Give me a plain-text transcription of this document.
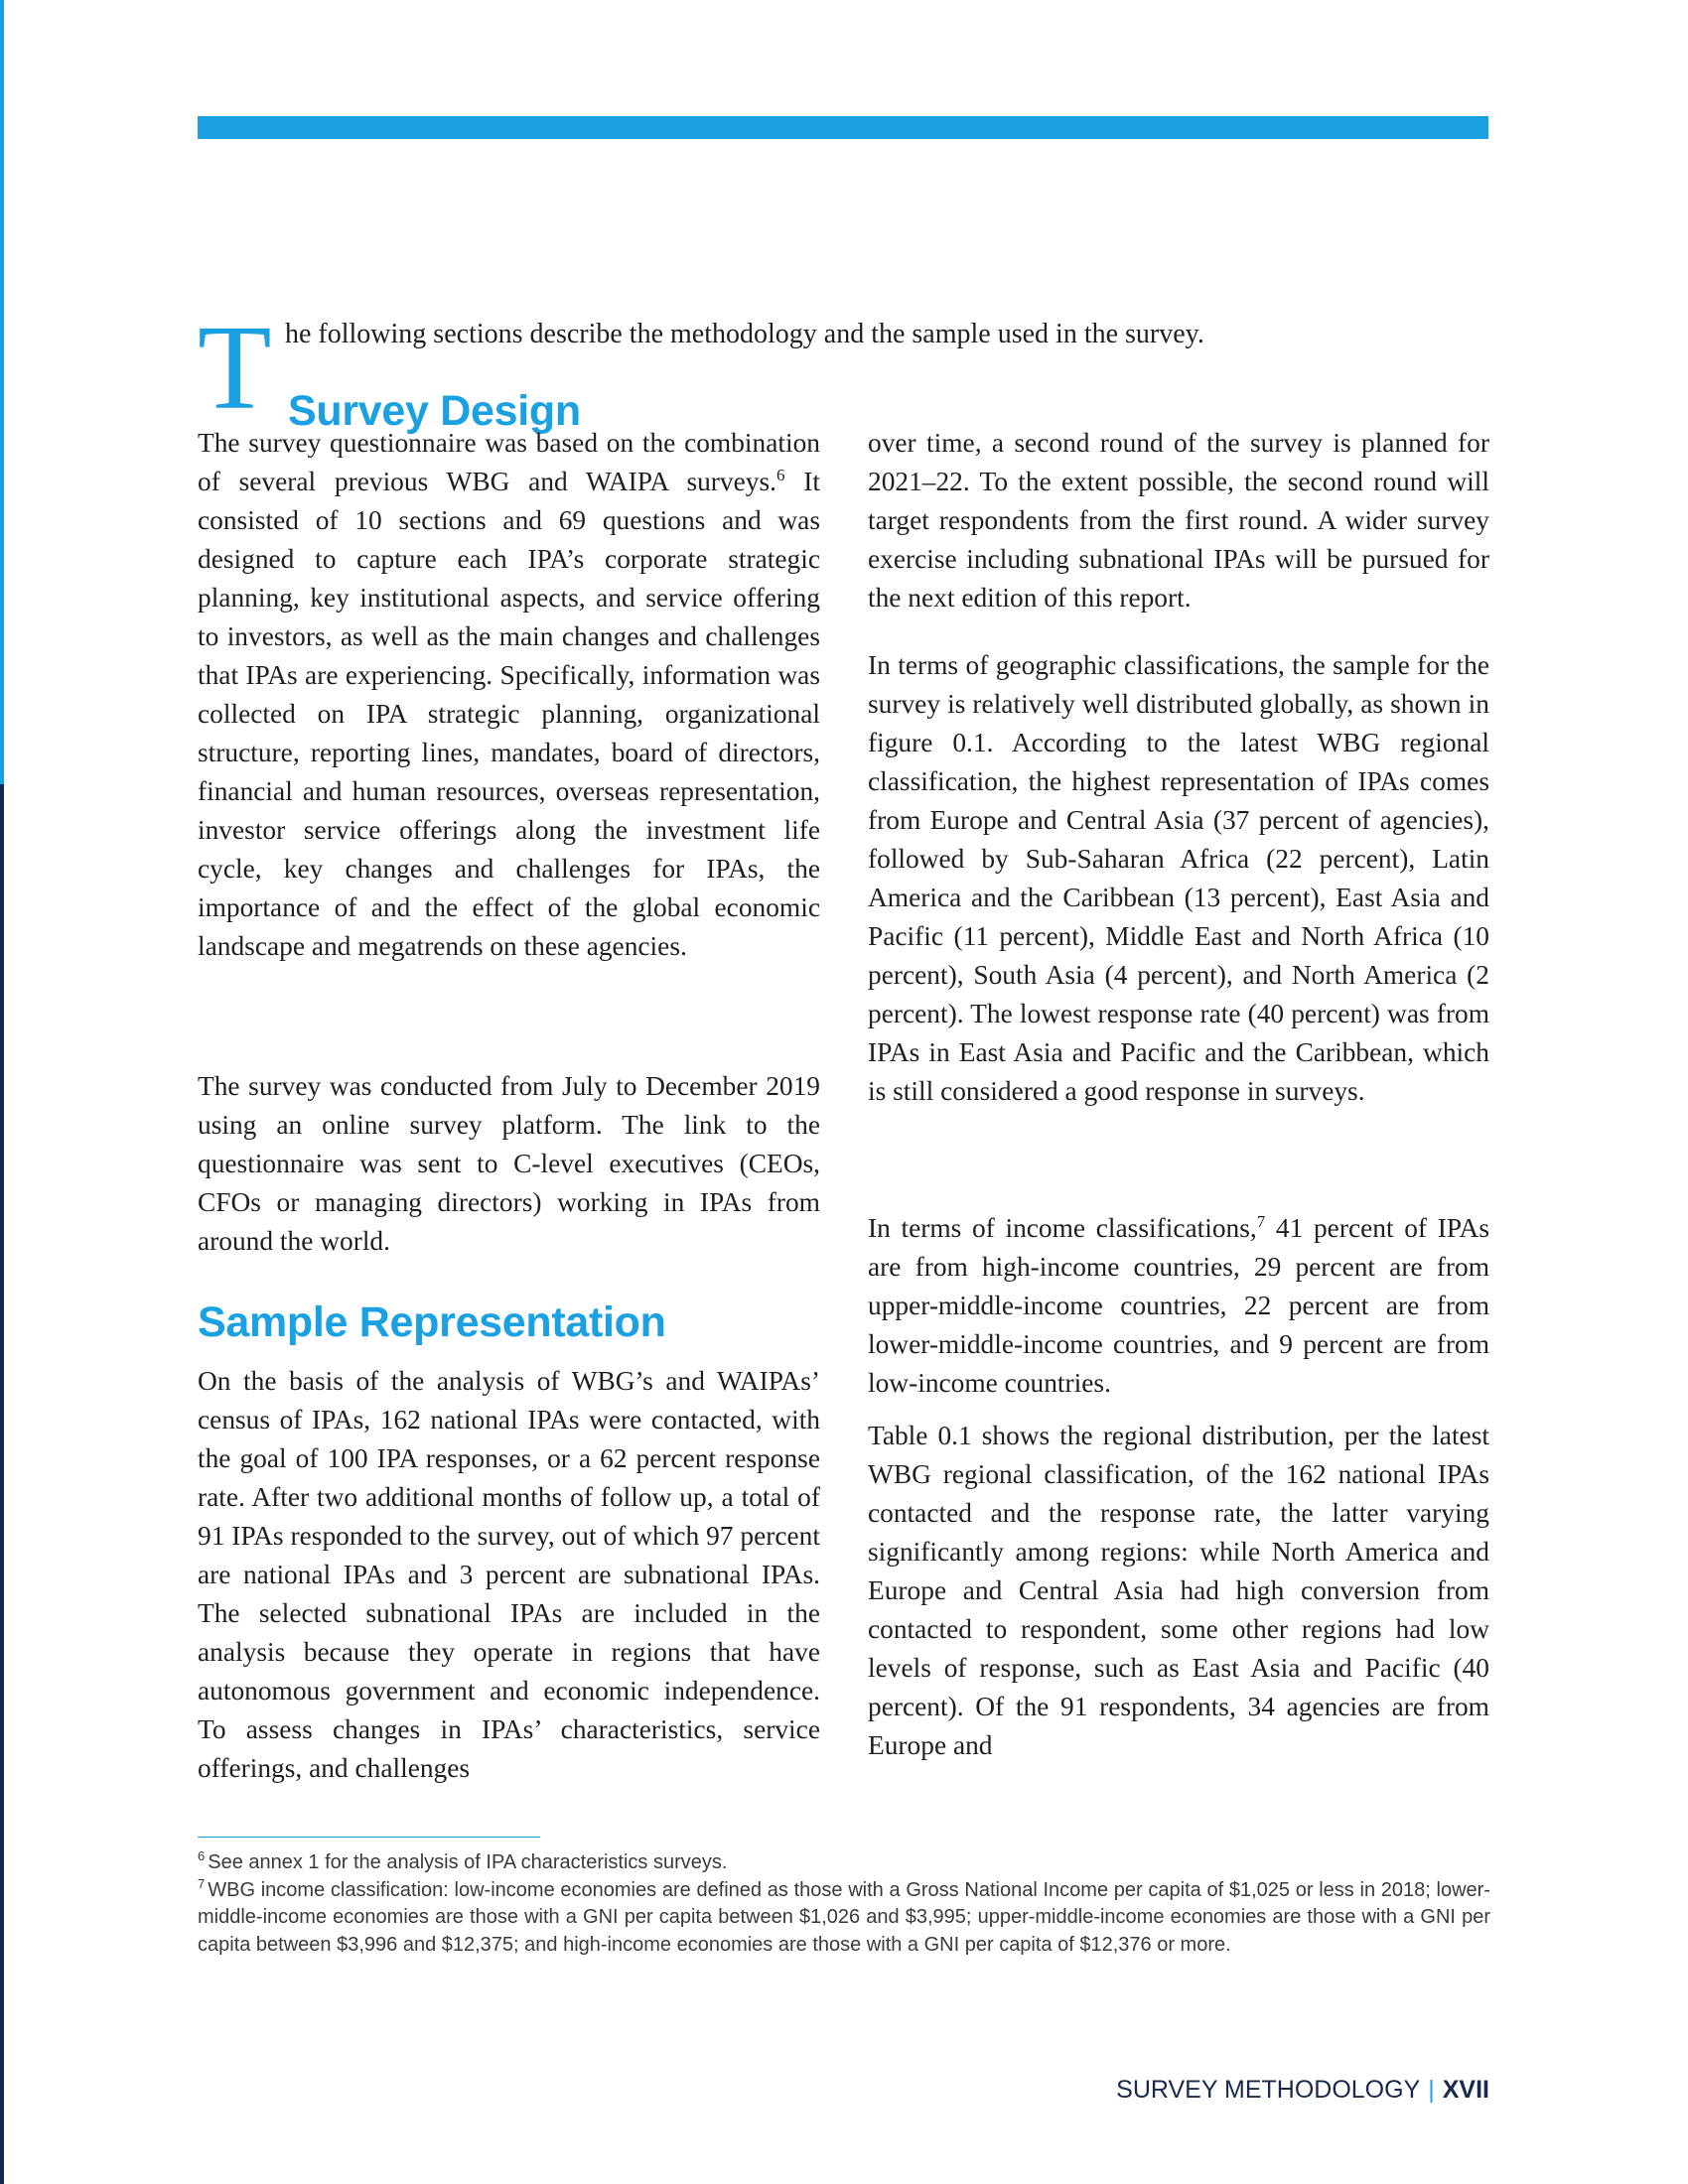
T he following sections describe the methodology and the sample used in the survey.
Survey Design

The survey questionnaire was based on the combination of several previous WBG and WAIPA surveys.$^6$ It consisted of 10 sections and 69 questions and was designed to capture each IPA’s corporate strategic planning, key institutional aspects, and service offering to investors, as well as the main changes and challenges that IPAs are experiencing. Specifically, information was collected on IPA strategic planning, organizational structure, reporting lines, mandates, board of directors, financial and human resources, overseas representation, investor service offerings along the investment life cycle, key changes and challenges for IPAs, the importance of and the effect of the global economic landscape and megatrends on these agencies.

The survey was conducted from July to December 2019 using an online survey platform. The link to the questionnaire was sent to C-level executives (CEOs, CFOs or managing directors) working in IPAs from around the world.

Sample Representation

On the basis of the analysis of WBG’s and WAIPAs’ census of IPAs, 162 national IPAs were contacted, with the goal of 100 IPA responses, or a 62 percent response rate. After two additional months of follow up, a total of 91 IPAs responded to the survey, out of which 97 percent are national IPAs and 3 percent are subnational IPAs. The selected subnational IPAs are included in the analysis because they operate in regions that have autonomous government and economic independence. To assess changes in IPAs’ characteristics, service offerings, and challenges

over time, a second round of the survey is planned for 2021–22. To the extent possible, the second round will target respondents from the first round. A wider survey exercise including subnational IPAs will be pursued for the next edition of this report.

In terms of geographic classifications, the sample for the survey is relatively well distributed globally, as shown in figure 0.1. According to the latest WBG regional classification, the highest representation of IPAs comes from Europe and Central Asia (37 percent of agencies), followed by Sub-Saharan Africa (22 percent), Latin America and the Caribbean (13 percent), East Asia and Pacific (11 percent), Middle East and North Africa (10 percent), South Asia (4 percent), and North America (2 percent). The lowest response rate (40 percent) was from IPAs in East Asia and Pacific and the Caribbean, which is still considered a good response in surveys.

In terms of income classifications,$^7$ 41 percent of IPAs are from high-income countries, 29 percent are from upper-middle-income countries, 22 percent are from lower-middle-income countries, and 9 percent are from low-income countries.

Table 0.1 shows the regional distribution, per the latest WBG regional classification, of the 162 national IPAs contacted and the response rate, the latter varying significantly among regions: while North America and Europe and Central Asia had high conversion from contacted to respondent, some other regions had low levels of response, such as East Asia and Pacific (40 percent). Of the 91 respondents, 34 agencies are from Europe and

$^6$ See annex 1 for the analysis of IPA characteristics surveys.

$^7$ WBG income classification: low-income economies are defined as those with a Gross National Income per capita of $1,025 or less in 2018; lower-middle-income economies are those with a GNI per capita between $1,026 and $3,995; upper-middle-income economies are those with a GNI per capita between $3,996 and $12,375; and high-income economies are those with a GNI per capita of $12,376 or more.

SURVEY METHODOLOGY | XVII
